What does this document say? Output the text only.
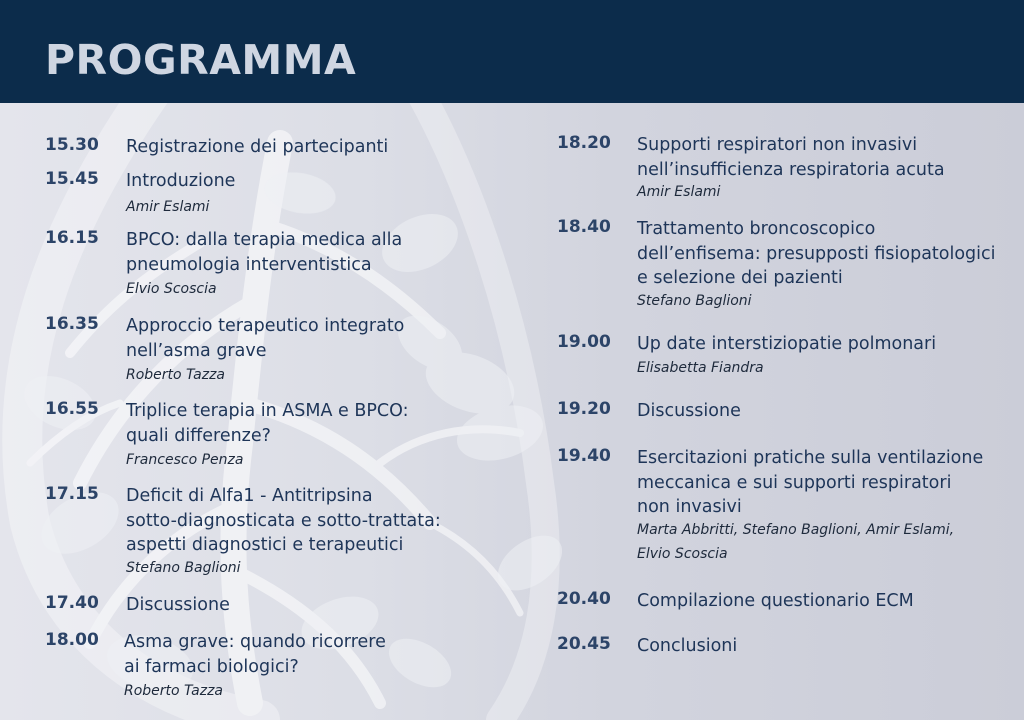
PROGRAMMA
15.30 Registrazione dei partecipanti
15.45 Introduzione
Amir Eslami
16.15 BPCO: dalla terapia medica alla
pneumologia interventistica
Elvio Scoscia
16.35 Approccio terapeutico integrato
nell’asma grave
Roberto Tazza
16.55 Triplice terapia in ASMA e BPCO:
quali differenze?
Francesco Penza
17.15 Deficit di Alfa1 - Antitripsina
sotto-diagnosticata e sotto-trattata:
aspetti diagnostici e terapeutici
Stefano Baglioni
17.40 Discussione
18.00 Asma grave: quando ricorrere
ai farmaci biologici?
Roberto Tazza
18.20 Supporti respiratori non invasivi
nell’insufficienza respiratoria acuta
Amir Eslami
18.40 Trattamento broncoscopico
dell’enfisema: presupposti fisiopatologici
e selezione dei pazienti
Stefano Baglioni
19.00 Up date interstiziopatie polmonari
Elisabetta Fiandra
19.20 Discussione
19.40 Esercitazioni pratiche sulla ventilazione
meccanica e sui supporti respiratori
non invasivi
Marta Abbritti, Stefano Baglioni, Amir Eslami,
Elvio Scoscia
20.40 Compilazione questionario ECM
20.45 Conclusioni
